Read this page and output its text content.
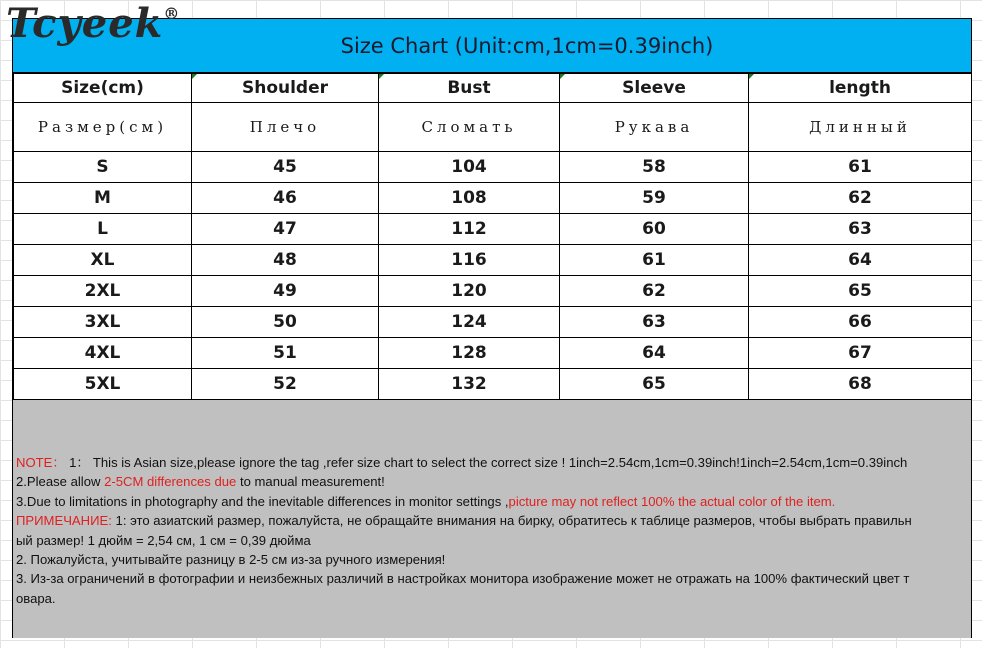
Tcyeek®
Size Chart (Unit:cm,1cm=0.39inch)
Size(cm)	Shoulder	Bust	Sleeve	length
Размер(см)	Плечо	Сломать	Рукава	Длинный
S	45	104	58	61
M	46	108	59	62
L	47	112	60	63
XL	48	116	61	64
2XL	49	120	62	65
3XL	50	124	63	66
4XL	51	128	64	67
5XL	52	132	65	68
NOTE： 1： This is Asian size,please ignore the tag ,refer size chart to select the correct size ! 1inch=2.54cm,1cm=0.39inch!1inch=2.54cm,1cm=0.39inch
2.Please allow 2-5CM differences due to manual measurement!
3.Due to limitations in photography and the inevitable differences in monitor settings ,picture may not reflect 100% the actual color of the item.
ПРИМЕЧАНИЕ: 1: это азиатский размер, пожалуйста, не обращайте внимания на бирку, обратитесь к таблице размеров, чтобы выбрать правильн
ый размер! 1 дюйм = 2,54 см, 1 см = 0,39 дюйма
2. Пожалуйста, учитывайте разницу в 2-5 см из-за ручного измерения!
3. Из-за ограничений в фотографии и неизбежных различий в настройках монитора изображение может не отражать на 100% фактический цвет т
овара.
